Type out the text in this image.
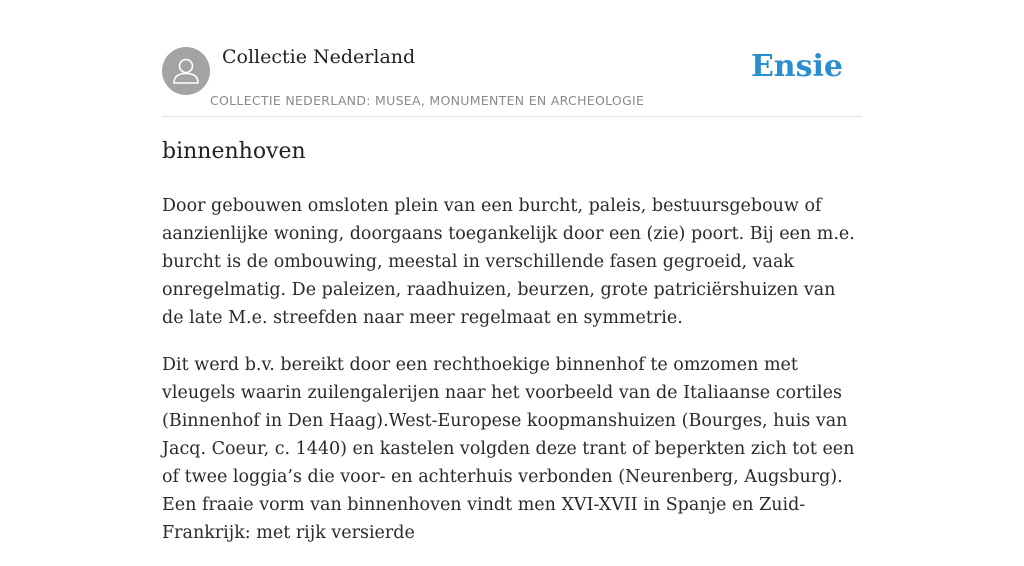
Collectie Nederland
COLLECTIE NEDERLAND: MUSEA, MONUMENTEN EN ARCHEOLOGIE
Ensie
binnenhoven

Door gebouwen omsloten plein van een burcht, paleis, bestuursgebouw of aanzienlijke woning, doorgaans toegankelijk door een (zie) poort. Bij een m.e. burcht is de ombouwing, meestal in verschillende fasen gegroeid, vaak onregelmatig. De paleizen, raadhuizen, beurzen, grote patriciërshuizen van de late M.e. streefden naar meer regelmaat en symmetrie.

Dit werd b.v. bereikt door een rechthoekige binnenhof te omzomen met vleugels waarin zuilengalerijen naar het voorbeeld van de Italiaanse cortiles (Binnenhof in Den Haag).West-Europese koopmanshuizen (Bourges, huis van Jacq. Coeur, c. 1440) en kastelen volgden deze trant of beperkten zich tot een of twee loggia’s die voor- en achterhuis verbonden (Neurenberg, Augsburg). Een fraaie vorm van binnenhoven vindt men XVI-XVII in Spanje en Zuid-Frankrijk: met rijk versierde
